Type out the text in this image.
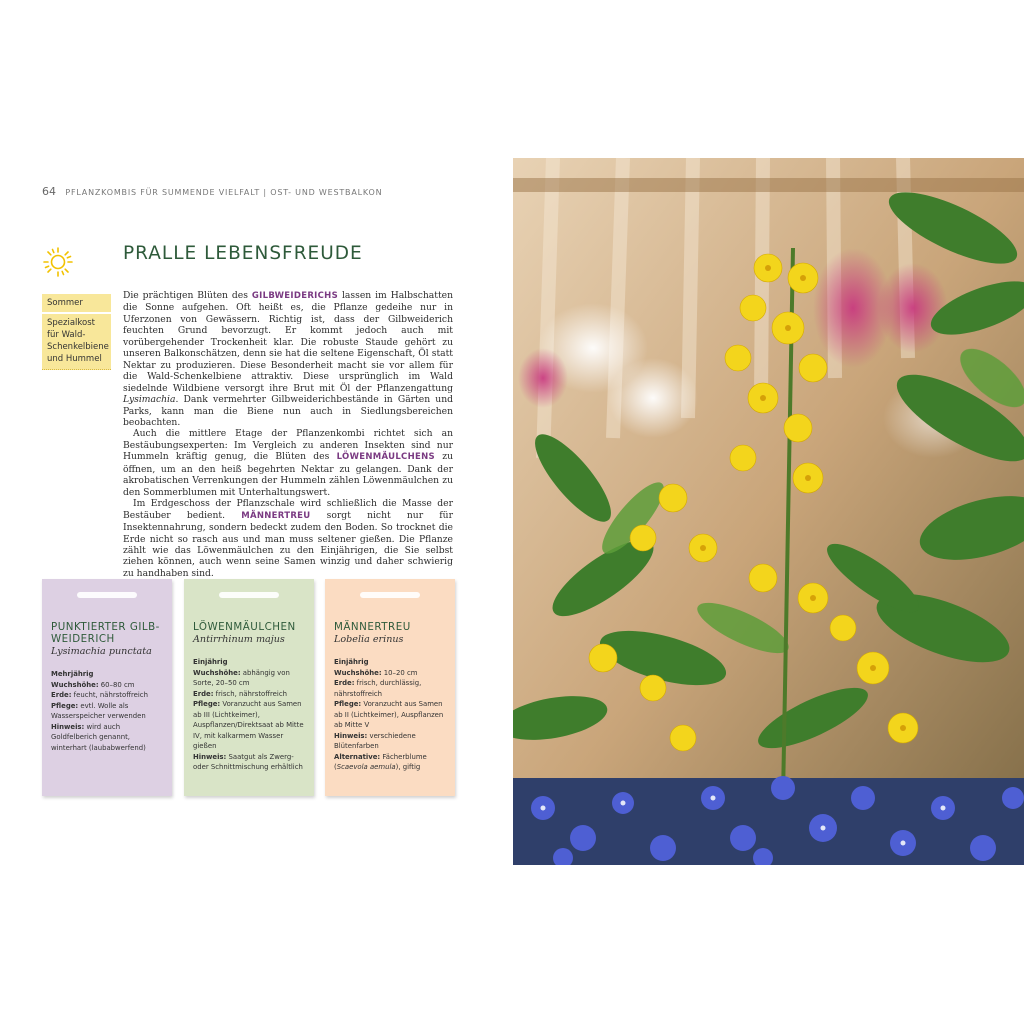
64 PFLANZKOMBIS FÜR SUMMENDE VIELFALT | OST- UND WESTBALKON
PRALLE LEBENSFREUDE
Sommer
Spezialkost für Wald-Schenkelbiene und Hummel

Die prächtigen Blüten des GILBWEIDERICHS lassen im Halbschatten die Sonne aufgehen. Oft heißt es, die Pflanze gedeihe nur in Uferzonen von Gewässern. Richtig ist, dass der Gilbweiderich feuchten Grund bevorzugt. Er kommt jedoch auch mit vorübergehender Trockenheit klar. Die robuste Staude gehört zu unseren Balkonschätzen, denn sie hat die seltene Eigenschaft, Öl statt Nektar zu produzieren. Diese Besonderheit macht sie vor allem für die Wald-Schenkelbiene attraktiv. Diese ursprünglich im Wald siedelnde Wildbiene versorgt ihre Brut mit Öl der Pflanzengattung Lysimachia. Dank vermehrter Gilbweiderichbestände in Gärten und Parks, kann man die Biene nun auch in Siedlungsbereichen beobachten.

Auch die mittlere Etage der Pflanzenkombi richtet sich an Bestäubungsexperten: Im Vergleich zu anderen Insekten sind nur Hummeln kräftig genug, die Blüten des LÖWENMÄULCHENS zu öffnen, um an den heiß begehrten Nektar zu gelangen. Dank der akrobatischen Verrenkungen der Hummeln zählen Löwenmäulchen zu den Sommerblumen mit Unterhaltungswert.

Im Erdgeschoss der Pflanzschale wird schließlich die Masse der Bestäuber bedient. MÄNNERTREU sorgt nicht nur für Insektennahrung, sondern bedeckt zudem den Boden. So trocknet die Erde nicht so rasch aus und man muss seltener gießen. Die Pflanze zählt wie das Löwenmäulchen zu den Einjährigen, die Sie selbst ziehen können, auch wenn seine Samen winzig und daher schwierig zu handhaben sind.

PUNKTIERTER GILB-WEIDERICH
Lysimachia punctata
Mehrjährig
Wuchshöhe: 60–80 cm
Erde: feucht, nährstoffreich
Pflege: evtl. Wolle als Wasserspeicher verwenden
Hinweis: wird auch Goldfelberich genannt, winterhart (laubabwerfend)
LÖWENMÄULCHEN
Antirrhinum majus
Einjährig
Wuchshöhe: abhängig von Sorte, 20–50 cm
Erde: frisch, nährstoffreich
Pflege: Voranzucht aus Samen ab III (Lichtkeimer), Auspflanzen/Direktsaat ab Mitte IV, mit kalkarmem Wasser gießen
Hinweis: Saatgut als Zwerg- oder Schnittmischung erhältlich
MÄNNERTREU
Lobelia erinus
Einjährig
Wuchshöhe: 10–20 cm
Erde: frisch, durchlässig, nährstoffreich
Pflege: Voranzucht aus Samen ab II (Lichtkeimer), Auspflanzen ab Mitte V
Hinweis: verschiedene Blütenfarben
Alternative: Fächerblume (Scaevola aemula), giftig
